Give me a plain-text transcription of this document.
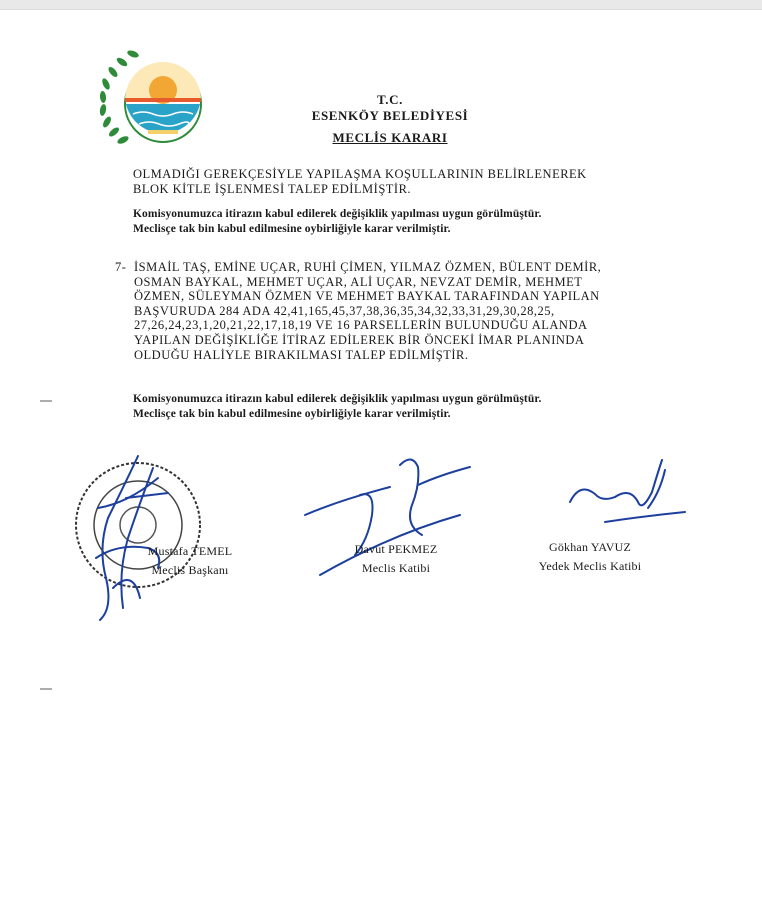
T.C.
ESENKÖY BELEDİYESİ
MECLİS KARARI
OLMADIĞI GEREKÇESİYLE YAPILAŞMA KOŞULLARININ BELİRLENEREK
BLOK KİTLE İŞLENMESİ TALEP EDİLMİŞTİR.
Komisyonumuzca itirazın kabul edilerek değişiklik yapılması uygun görülmüştür.
Meclisçe tak bin kabul edilmesine oybirliğiyle karar verilmiştir.
7- İSMAİL TAŞ, EMİNE UÇAR, RUHİ ÇİMEN, YILMAZ ÖZMEN, BÜLENT DEMİR,
OSMAN BAYKAL, MEHMET UÇAR, ALİ UÇAR, NEVZAT DEMİR, MEHMET
ÖZMEN, SÜLEYMAN ÖZMEN VE MEHMET BAYKAL TARAFINDAN YAPILAN
BAŞVURUDA 284 ADA 42,41,165,45,37,38,36,35,34,32,33,31,29,30,28,25,
27,26,24,23,1,20,21,22,17,18,19 VE 16 PARSELLERİN BULUNDUĞU ALANDA
YAPILAN DEĞİŞİKLİĞE İTİRAZ EDİLEREK BİR ÖNCEKİ İMAR PLANINDA
OLDUĞU HALİYLE BIRAKILMASI TALEP EDİLMİŞTİR.
Komisyonumuzca itirazın kabul edilerek değişiklik yapılması uygun görülmüştür.
Meclisçe tak bin kabul edilmesine oybirliğiyle karar verilmiştir.
Mustafa TEMEL
Meclis Başkanı
Davut PEKMEZ
Meclis Katibi
Gökhan YAVUZ
Yedek Meclis Katibi
